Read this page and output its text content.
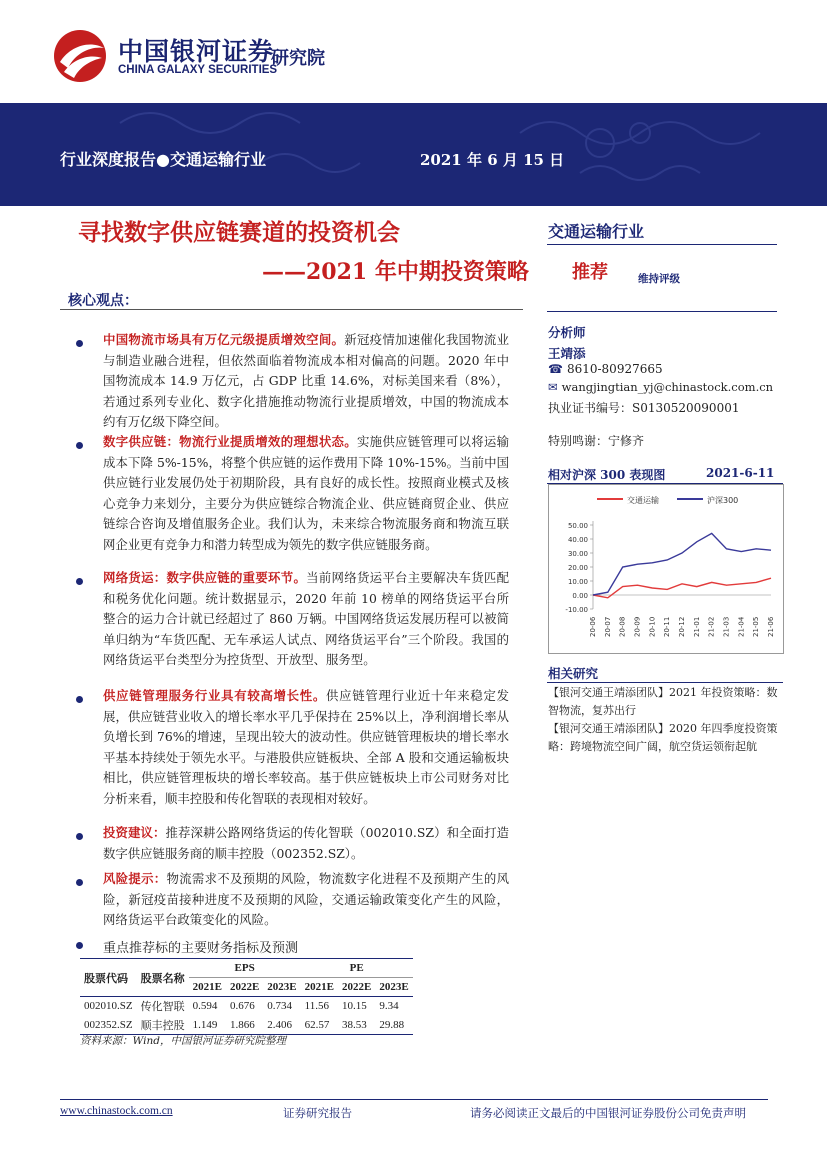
中国银河证券
CHINA GALAXY SECURITIES
研究院
行业深度报告●交通运输行业	2021 年 6 月 15 日
寻找数字供应链赛道的投资机会
——2021 年中期投资策略
核心观点：
中国物流市场具有万亿元级提质增效空间。新冠疫情加速催化我国物流业与制造业融合进程，但依然面临着物流成本相对偏高的问题。2020 年中国物流成本 14.9 万亿元，占 GDP 比重 14.6%，对标美国来看（8%），若通过系列专业化、数字化措施推动物流行业提质增效，中国的物流成本约有万亿级下降空间。
数字供应链：物流行业提质增效的理想状态。实施供应链管理可以将运输成本下降 5%-15%，将整个供应链的运作费用下降 10%-15%。当前中国供应链行业发展仍处于初期阶段，具有良好的成长性。按照商业模式及核心竞争力来划分，主要分为供应链综合物流企业、供应链商贸企业、供应链综合咨询及增值服务企业。我们认为，未来综合物流服务商和物流互联网企业更有竞争力和潜力转型成为领先的数字供应链服务商。
网络货运：数字供应链的重要环节。当前网络货运平台主要解决车货匹配和税务优化问题。统计数据显示，2020 年前 10 榜单的网络货运平台所整合的运力合计就已经超过了 860 万辆。中国网络货运发展历程可以被简单归纳为“车货匹配、无车承运人试点、网络货运平台”三个阶段。我国的网络货运平台类型分为控货型、开放型、服务型。
供应链管理服务行业具有较高增长性。供应链管理行业近十年来稳定发展，供应链营业收入的增长率水平几乎保持在 25%以上，净利润增长率从负增长到 76%的增速，呈现出较大的波动性。供应链管理板块的增长率水平基本持续处于领先水平。与港股供应链板块、全部 A 股和交通运输板块相比，供应链管理板块的增长率较高。基于供应链板块上市公司财务对比分析来看，顺丰控股和传化智联的表现相对较好。
投资建议：推荐深耕公路网络货运的传化智联（002010.SZ）和全面打造数字供应链服务商的顺丰控股（002352.SZ）。
风险提示：物流需求不及预期的风险，物流数字化进程不及预期产生的风险，新冠疫苗接种进度不及预期的风险，交通运输政策变化产生的风险，网络货运平台政策变化的风险。
重点推荐标的主要财务指标及预测
股票代码	股票名称	EPS			PE		
		2021E	2022E	2023E	2021E	2022E	2023E
002010.SZ	传化智联	0.594	0.676	0.734	11.56	10.15	9.34
002352.SZ	顺丰控股	1.149	1.866	2.406	62.57	38.53	29.88
资料来源：Wind，中国银河证券研究院整理
交通运输行业
推荐	维持评级
分析师
王靖添
☎ 8610-80927665
✉ wangjingtian_yj@chinastock.com.cn
执业证书编号：S0130520090001
特别鸣谢：宁修齐
相对沪深 300 表现图	2021-6-11
交通运输	沪深300
50.00
40.00
30.00
20.00
10.00
0.00
-10.00
20-06 20-07 20-08 20-09 20-10 20-11 20-12 21-01 21-02 21-03 21-04 21-05 21-06
相关研究
【银河交通王靖添团队】2021 年投资策略：数智物流，复苏出行
【银河交通王靖添团队】2020 年四季度投资策略：跨境物流空间广阔，航空货运领衔起航
www.chinastock.com.cn	证券研究报告	请务必阅读正文最后的中国银河证券股份公司免责声明
